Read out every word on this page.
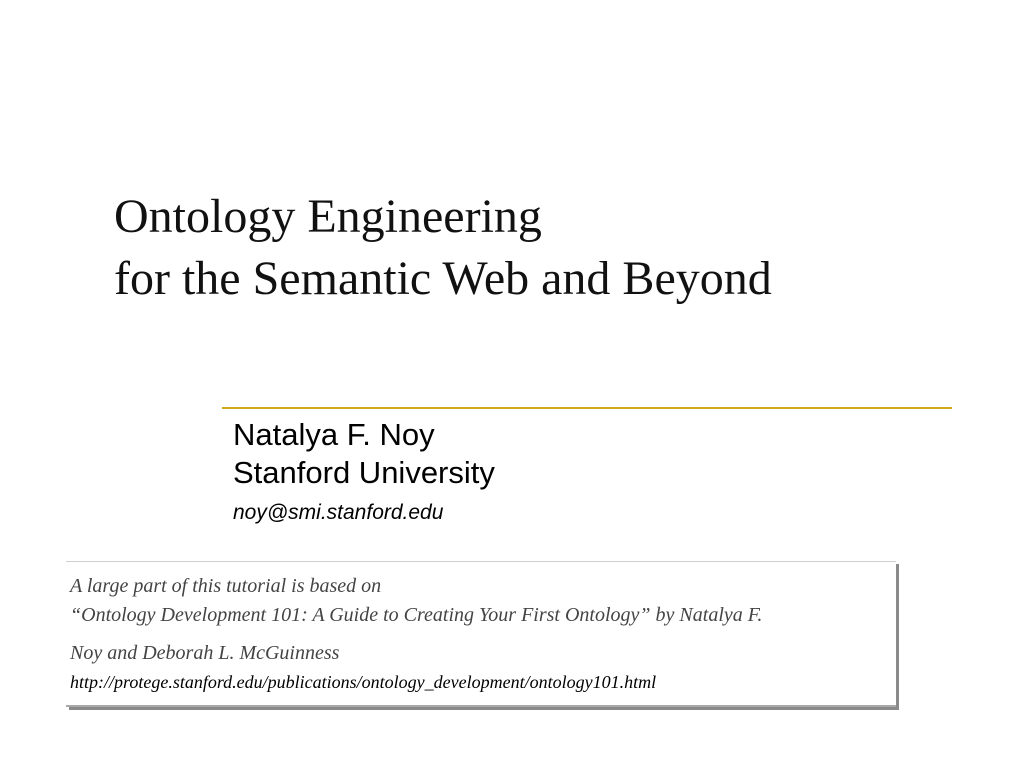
Ontology Engineering
for the Semantic Web and Beyond
Natalya F. Noy
Stanford University
noy@smi.stanford.edu
A large part of this tutorial is based on
“Ontology Development 101: A Guide to Creating Your First Ontology” by Natalya F.
Noy and Deborah L. McGuinness
http://protege.stanford.edu/publications/ontology_development/ontology101.html
